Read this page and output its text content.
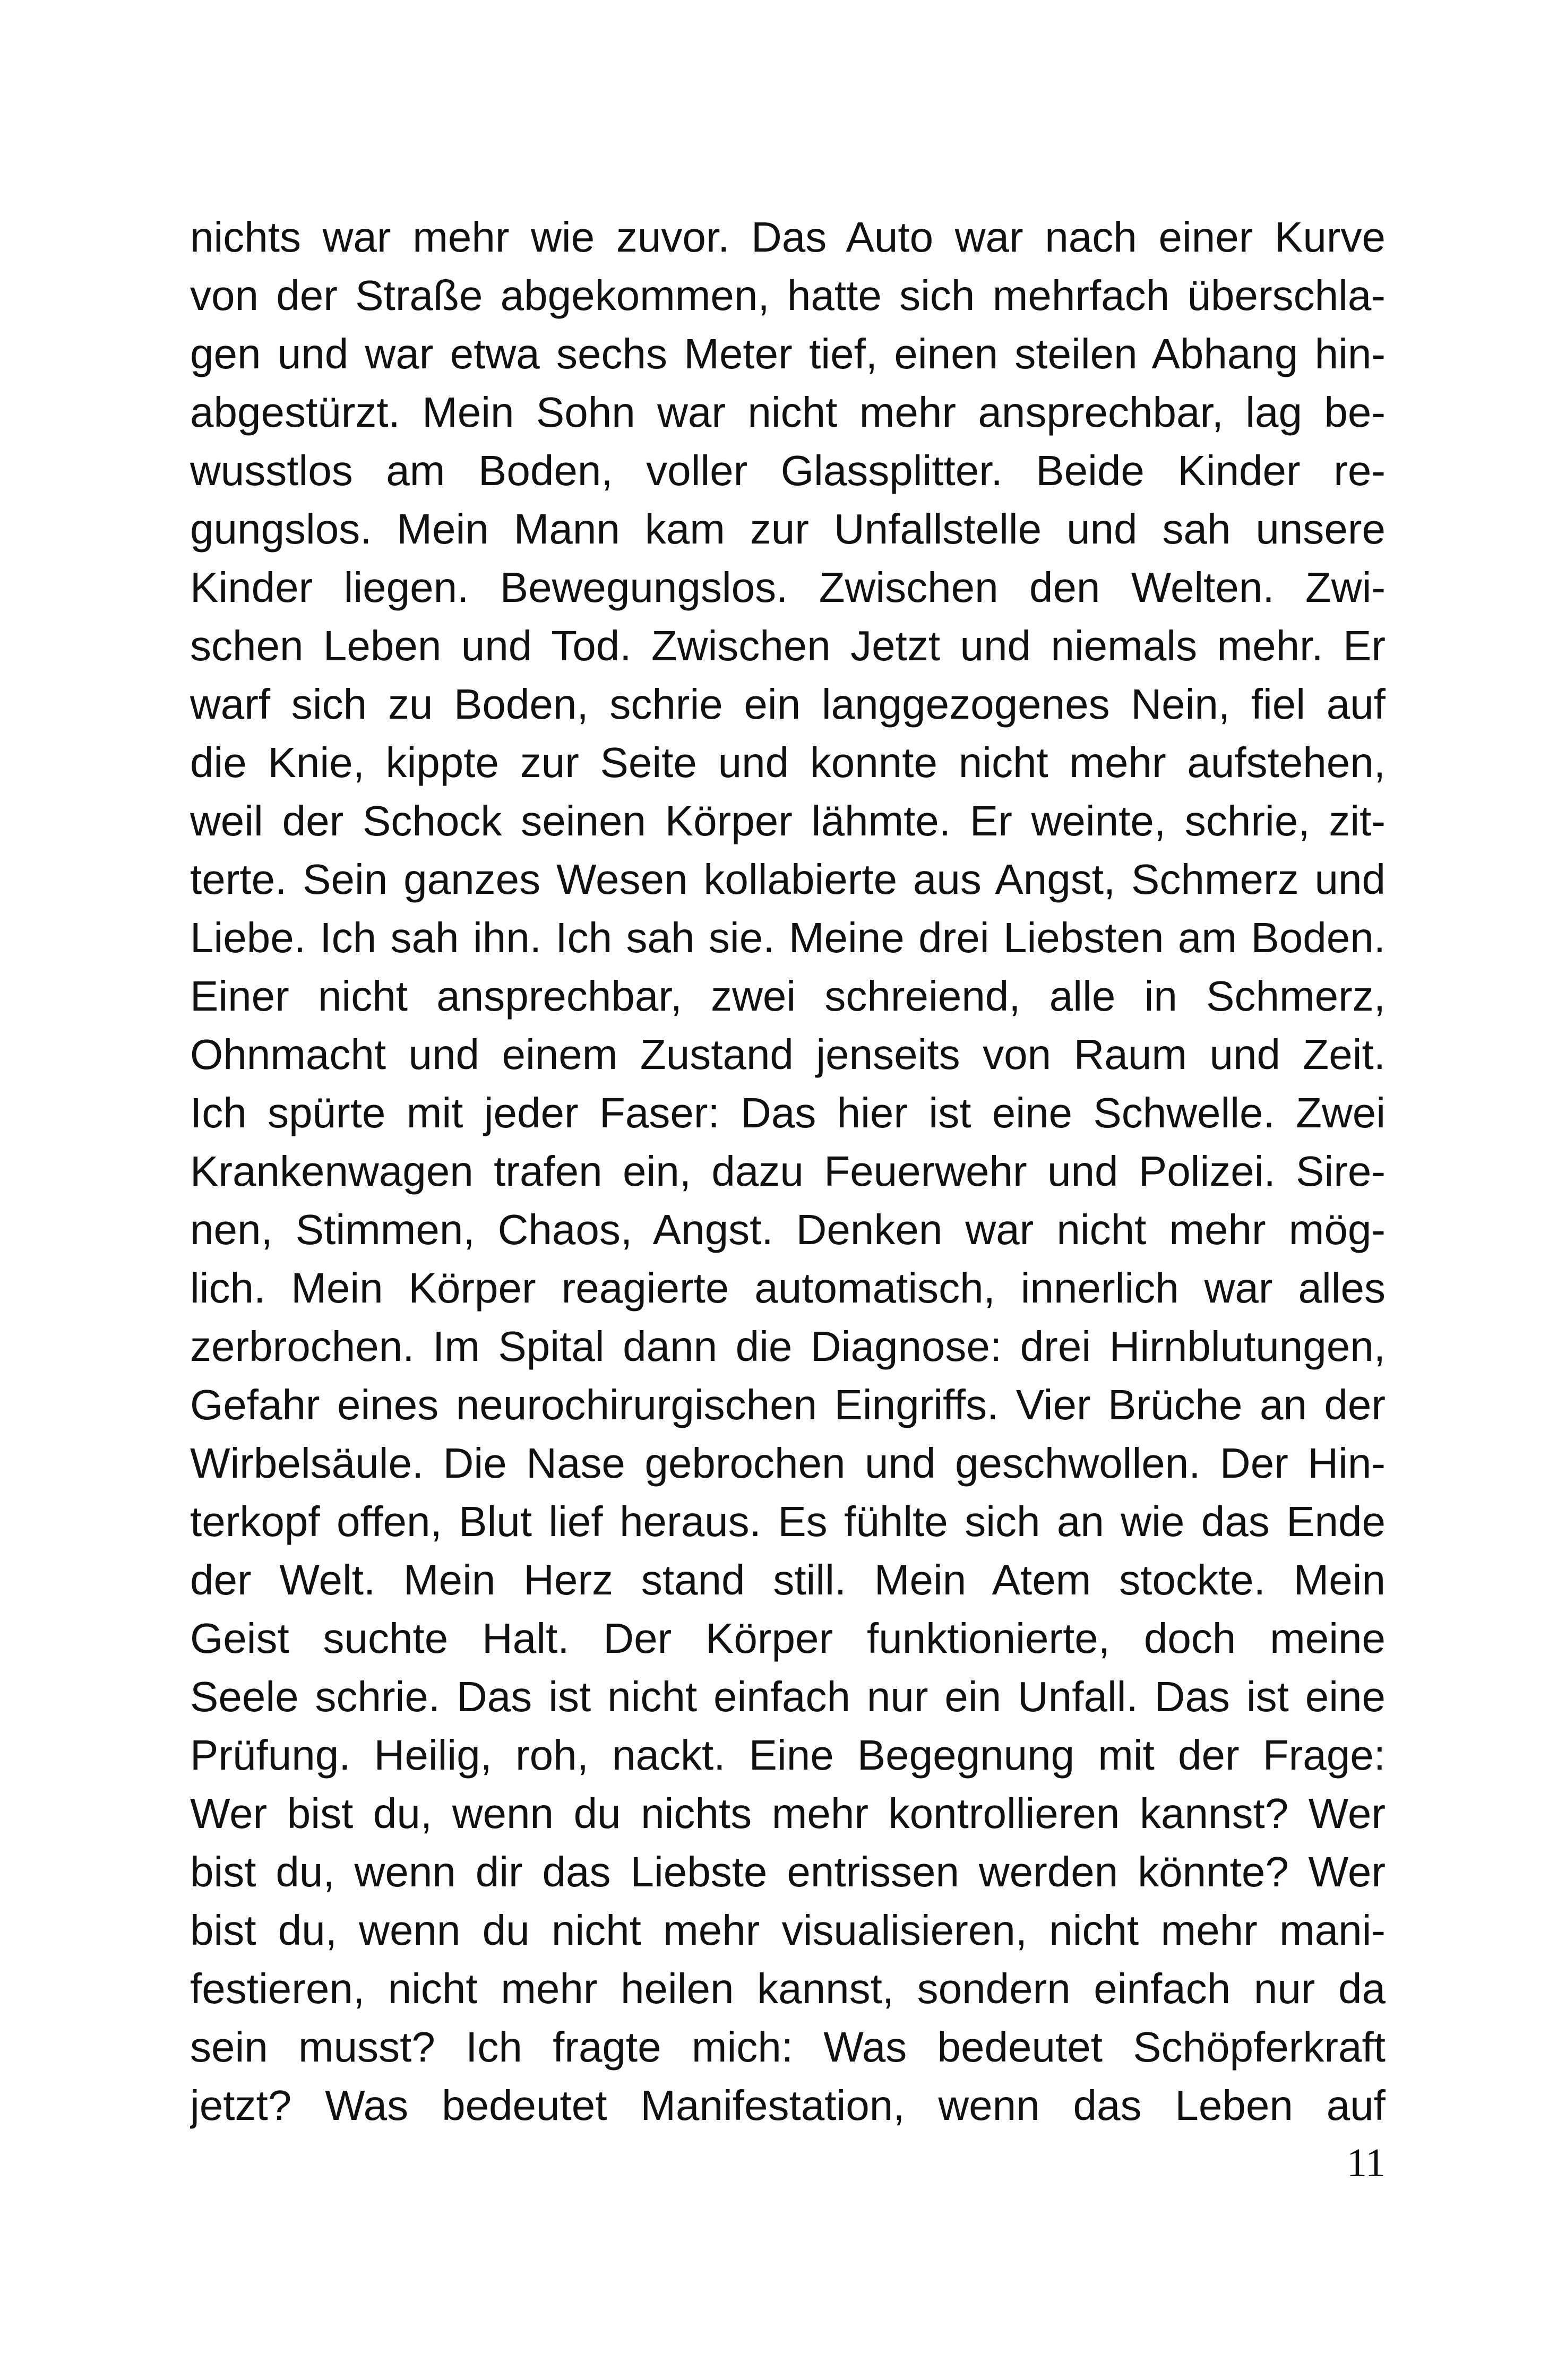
nichts war mehr wie zuvor. Das Auto war nach einer Kurve
von der Straße abgekommen, hatte sich mehrfach überschla-
gen und war etwa sechs Meter tief, einen steilen Abhang hin-
abgestürzt. Mein Sohn war nicht mehr ansprechbar, lag be-
wusstlos am Boden, voller Glassplitter. Beide Kinder re-
gungslos. Mein Mann kam zur Unfallstelle und sah unsere
Kinder liegen. Bewegungslos. Zwischen den Welten. Zwi-
schen Leben und Tod. Zwischen Jetzt und niemals mehr. Er
warf sich zu Boden, schrie ein langgezogenes Nein, fiel auf
die Knie, kippte zur Seite und konnte nicht mehr aufstehen,
weil der Schock seinen Körper lähmte. Er weinte, schrie, zit-
terte. Sein ganzes Wesen kollabierte aus Angst, Schmerz und
Liebe. Ich sah ihn. Ich sah sie. Meine drei Liebsten am Boden.
Einer nicht ansprechbar, zwei schreiend, alle in Schmerz,
Ohnmacht und einem Zustand jenseits von Raum und Zeit.
Ich spürte mit jeder Faser: Das hier ist eine Schwelle. Zwei
Krankenwagen trafen ein, dazu Feuerwehr und Polizei. Sire-
nen, Stimmen, Chaos, Angst. Denken war nicht mehr mög-
lich. Mein Körper reagierte automatisch, innerlich war alles
zerbrochen. Im Spital dann die Diagnose: drei Hirnblutungen,
Gefahr eines neurochirurgischen Eingriffs. Vier Brüche an der
Wirbelsäule. Die Nase gebrochen und geschwollen. Der Hin-
terkopf offen, Blut lief heraus. Es fühlte sich an wie das Ende
der Welt. Mein Herz stand still. Mein Atem stockte. Mein
Geist suchte Halt. Der Körper funktionierte, doch meine
Seele schrie. Das ist nicht einfach nur ein Unfall. Das ist eine
Prüfung. Heilig, roh, nackt. Eine Begegnung mit der Frage:
Wer bist du, wenn du nichts mehr kontrollieren kannst? Wer
bist du, wenn dir das Liebste entrissen werden könnte? Wer
bist du, wenn du nicht mehr visualisieren, nicht mehr mani-
festieren, nicht mehr heilen kannst, sondern einfach nur da
sein musst? Ich fragte mich: Was bedeutet Schöpferkraft
jetzt? Was bedeutet Manifestation, wenn das Leben auf
11
